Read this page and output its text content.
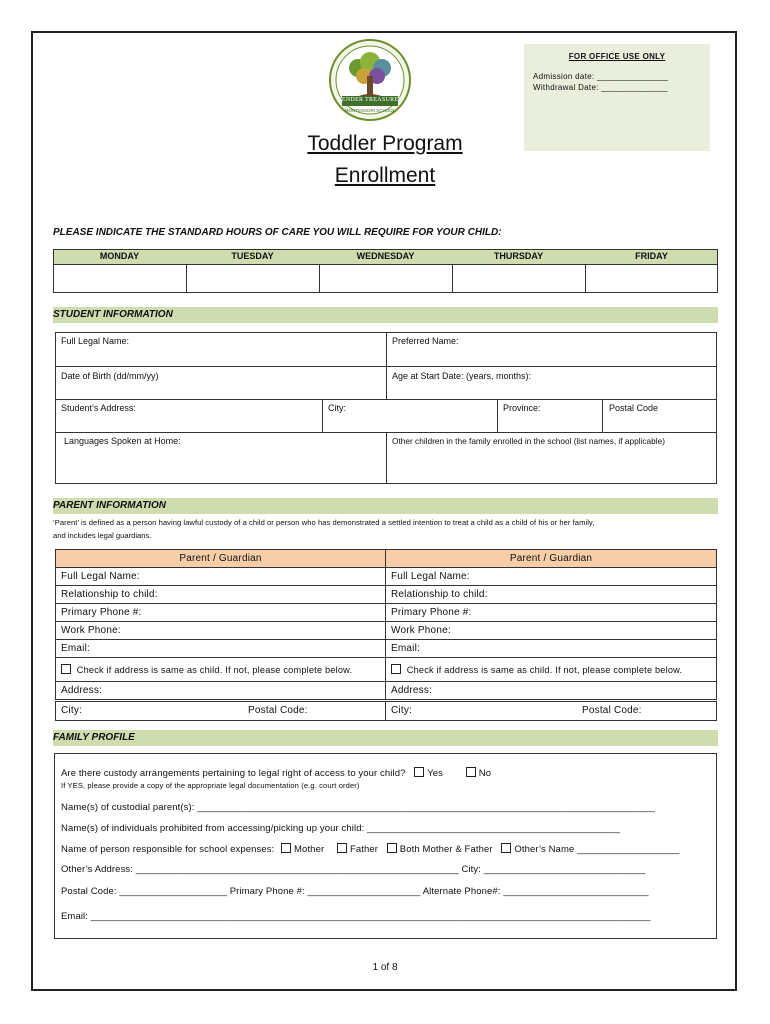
TENDER TREASURES
MONTESSORI SCHOOL
FOR OFFICE USE ONLY
Admission date: _______________
Withdrawal Date: ______________
Toddler Program
Enrollment
PLEASE INDICATE THE STANDARD HOURS OF CARE YOU WILL REQUIRE FOR YOUR CHILD:
MONDAY	TUESDAY	WEDNESDAY	THURSDAY	FRIDAY
STUDENT INFORMATION
Full Legal Name:	Preferred Name:
Date of Birth (dd/mm/yy)	Age at Start Date: (years, months):
Student’s Address:	City:	Province:	Postal Code
Languages Spoken at Home:	Other children in the family enrolled in the school (list names, if applicable)
PARENT INFORMATION
‘Parent’ is defined as a person having lawful custody of a child or person who has demonstrated a settled intention to treat a child as a child of his or her family,
and includes legal guardians.
Parent / Guardian	Parent / Guardian
Full Legal Name:	Full Legal Name:
Relationship to child:	Relationship to child:
Primary Phone #:	Primary Phone #:
Work Phone:	Work Phone:
Email:	Email:
Check if address is same as child. If not, please complete below.	Check if address is same as child. If not, please complete below.
Address:	Address:
City:	Postal Code:	City:	Postal Code:
FAMILY PROFILE
Are there custody arrangements pertaining to legal right of access to your child? Yes	No
If YES, please provide a copy of the appropriate legal documentation (e.g. court order)
Name(s) of custodial parent(s): _____________________________________________________________________________________
Name(s) of individuals prohibited from accessing/picking up your child: _______________________________________________
Name of person responsible for school expenses: Mother	Father Both Mother & Father Other’s Name ___________________
Other’s Address: ____________________________________________________________ City: ______________________________
Postal Code: ____________________ Primary Phone #: _____________________ Alternate Phone#: ___________________________
Email: ________________________________________________________________________________________________________
1 of 8
